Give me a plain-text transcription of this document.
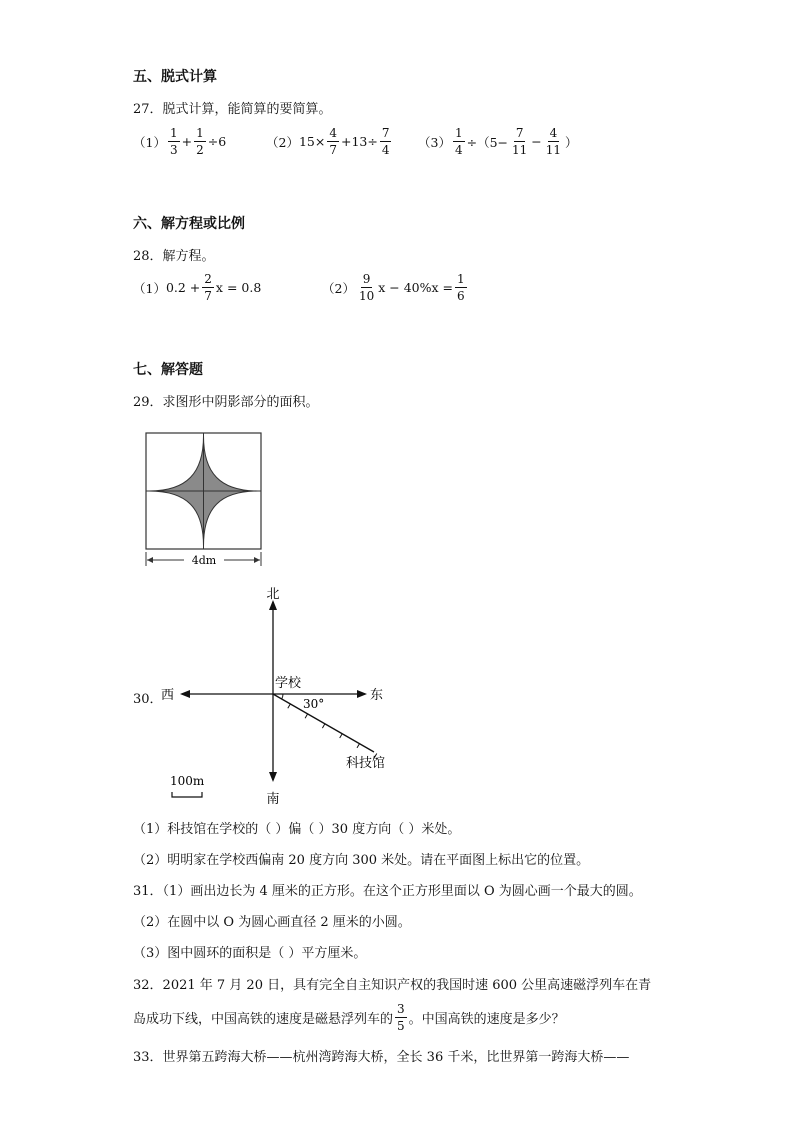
五、脱式计算
27．脱式计算，能简算的要简算。
$(1) \frac{1}{3} + \frac{1}{2} \div 6$	（2） $15\times \frac{4}{7} +13\div \frac{7}{4} (3) \frac{1}{4} \div(5- \frac{7}{11} - \frac{4}{11}$ ）
六、解方程或比例
28．解方程。
（1） $0.2 + \frac{2}{7}$ x = 0.8	$(2) \frac{9}{10}$ $x - 40\%x = \frac{1}{6}$
七、解答题
29．求图形中阴影部分的面积。
4dm
30．
北
南
西	东
学校
30°
科技馆
100m
（1）科技馆在学校的（ ）偏（ ）30 度方向（ ）米处。
（2）明明家在学校西偏南 20 度方向 300 米处。请在平面图上标出它的位置。
31．（1）画出边长为 4 厘米的正方形。在这个正方形里面以 O 为圆心画一个最大的圆。
（2）在圆中以 O 为圆心画直径 2 厘米的小圆。
（3）图中圆环的面积是（ ）平方厘米。
32．2021 年 7 月 20 日，具有完全自主知识产权的我国时速 600 公里高速磁浮列车在青
岛成功下线，中国高铁的速度是磁悬浮列车的 $\frac{3}{5}$ 。中国高铁的速度是多少？
33．世界第五跨海大桥——杭州湾跨海大桥，全长 36 千米，比世界第一跨海大桥——
